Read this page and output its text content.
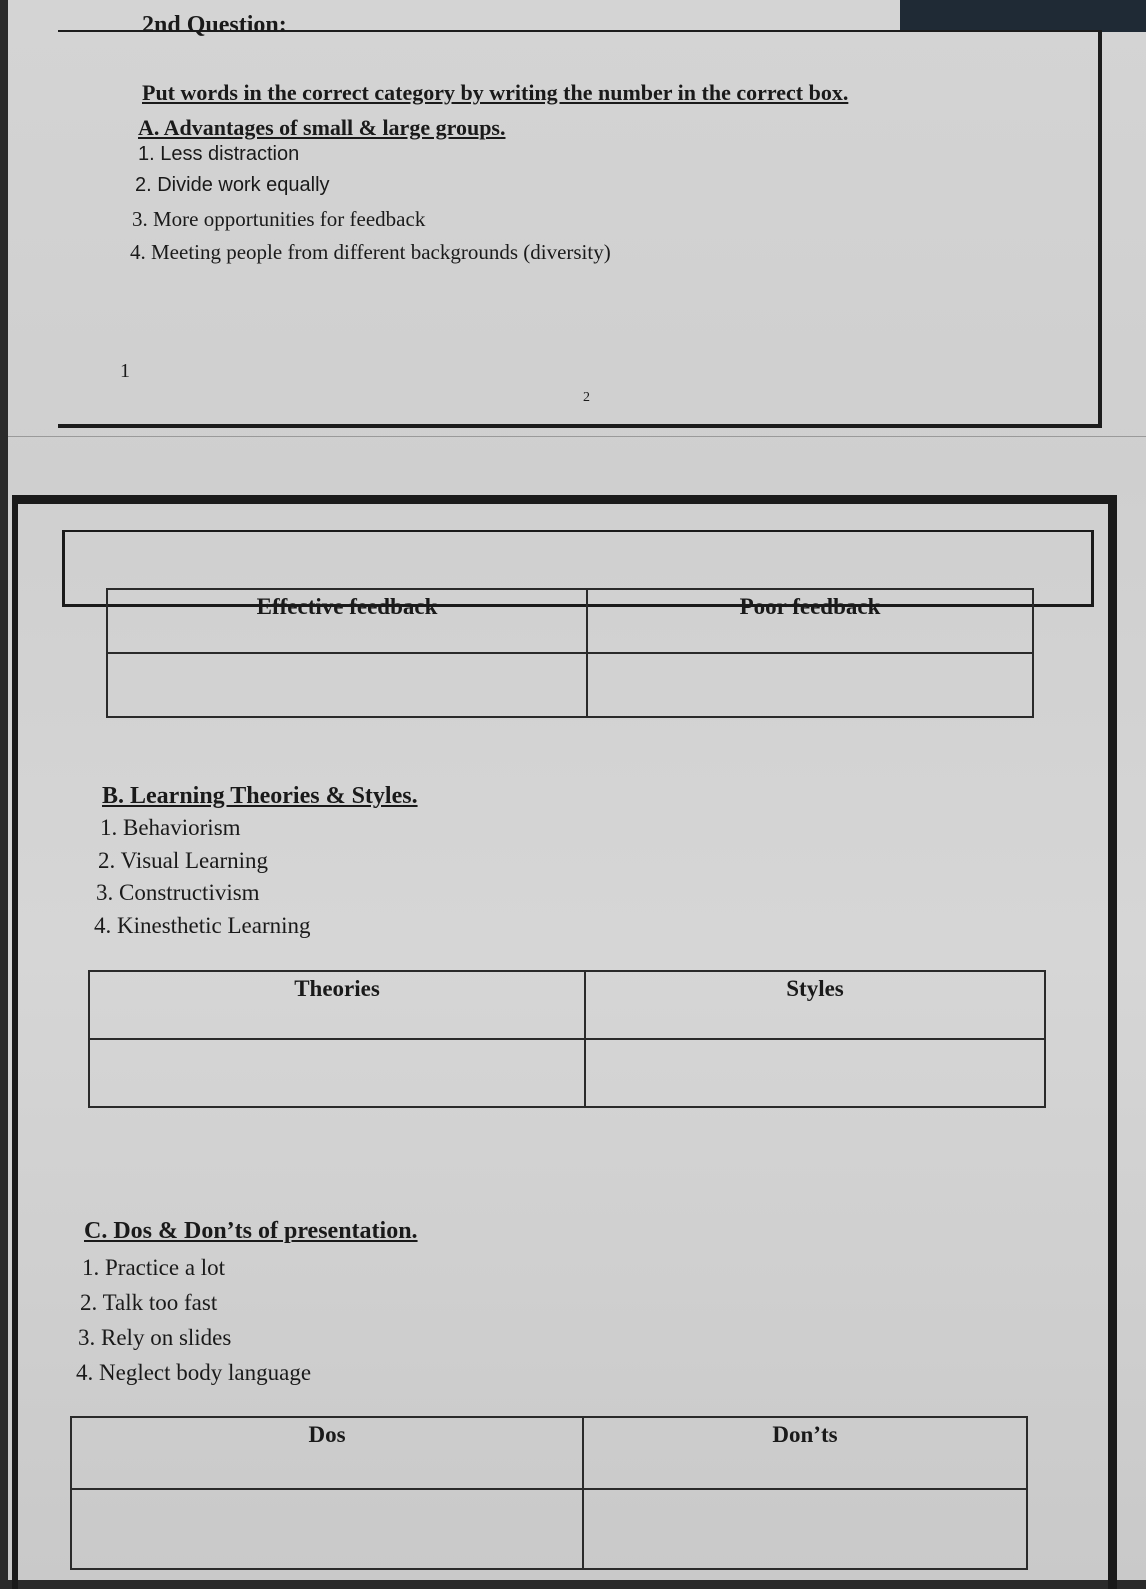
2nd Question:
Put words in the correct category by writing the number in the correct box.
A. Advantages of small & large groups.
1. Less distraction
2. Divide work equally
3. More opportunities for feedback
4. Meeting people from different backgrounds (diversity)
1
2
Effective feedback	Poor feedback

B. Learning Theories & Styles.
1. Behaviorism
2. Visual Learning
3. Constructivism
4. Kinesthetic Learning
Theories	Styles

C. Dos & Don’ts of presentation.
1. Practice a lot
2. Talk too fast
3. Rely on slides
4. Neglect body language
Dos	Don’ts
